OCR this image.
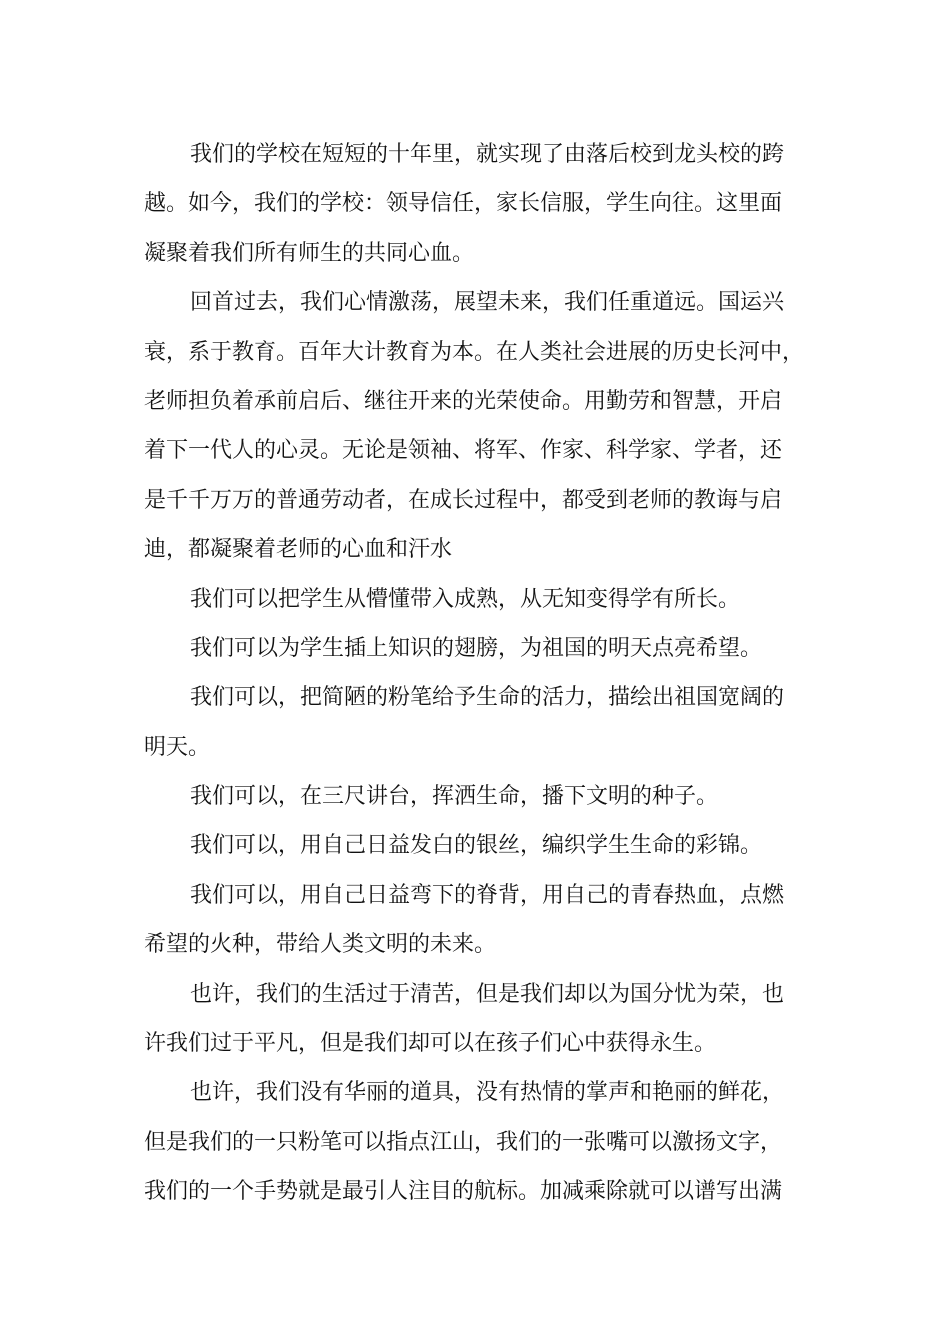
我们的学校在短短的十年里，就实现了由落后校到龙头校的跨
越。如今，我们的学校：领导信任，家长信服，学生向往。这里面
凝聚着我们所有师生的共同心血。
回首过去，我们心情激荡，展望未来，我们任重道远。国运兴
衰，系于教育。百年大计教育为本。在人类社会进展的历史长河中，
老师担负着承前启后、继往开来的光荣使命。用勤劳和智慧，开启
着下一代人的心灵。无论是领袖、将军、作家、科学家、学者，还
是千千万万的普通劳动者，在成长过程中，都受到老师的教诲与启
迪，都凝聚着老师的心血和汗水
我们可以把学生从懵懂带入成熟，从无知变得学有所长。
我们可以为学生插上知识的翅膀，为祖国的明天点亮希望。
我们可以，把简陋的粉笔给予生命的活力，描绘出祖国宽阔的
明天。
我们可以，在三尺讲台，挥洒生命，播下文明的种子。
我们可以，用自己日益发白的银丝，编织学生生命的彩锦。
我们可以，用自己日益弯下的脊背，用自己的青春热血，点燃
希望的火种，带给人类文明的未来。
也许，我们的生活过于清苦，但是我们却以为国分忧为荣，也
许我们过于平凡，但是我们却可以在孩子们心中获得永生。
也许，我们没有华丽的道具，没有热情的掌声和艳丽的鲜花，
但是我们的一只粉笔可以指点江山，我们的一张嘴可以激扬文字，
我们的一个手势就是最引人注目的航标。加减乘除就可以谱写出满
